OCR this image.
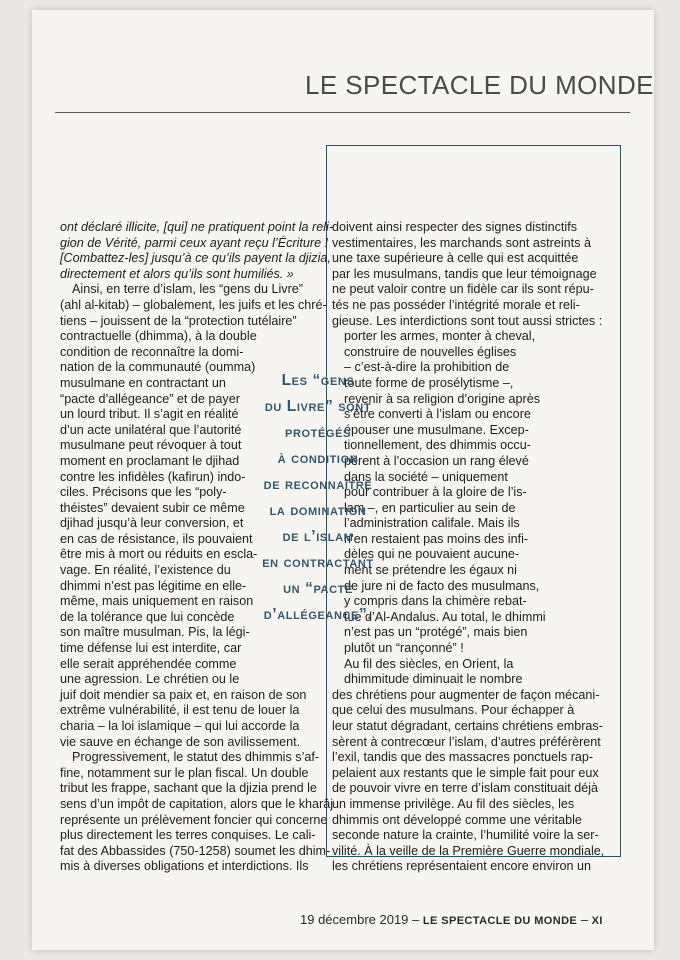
LE SPECTACLE DU MONDE
ont déclaré illicite, [qui] ne pratiquent point la reli-
gion de Vérité, parmi ceux ayant reçu l’Écriture !
[Combattez-les] jusqu’à ce qu’ils payent la djizia,
directement et alors qu’ils sont humiliés. »
Ainsi, en terre d’islam, les “gens du Livre”
(ahl al-kitab) – globalement, les juifs et les chré-
tiens – jouissent de la “protection tutélaire”
contractuelle (dhimma), à la double
condition de reconnaître la domi-
nation de la communauté (oumma)
musulmane en contractant un
“pacte d’allégeance” et de payer
un lourd tribut. Il s’agit en réalité
d’un acte unilatéral que l’autorité
musulmane peut révoquer à tout
moment en proclamant le djihad
contre les infidèles (kafirun) indo-
ciles. Précisons que les “poly-
théistes” devaient subir ce même
djihad jusqu’à leur conversion, et
en cas de résistance, ils pouvaient
être mis à mort ou réduits en escla-
vage. En réalité, l’existence du
dhimmi n’est pas légitime en elle-
même, mais uniquement en raison
de la tolérance que lui concède
son maître musulman. Pis, la légi-
time défense lui est interdite, car
elle serait appréhendée comme
une agression. Le chrétien ou le
juif doit mendier sa paix et, en raison de son
extrême vulnérabilité, il est tenu de louer la
charia – la loi islamique – qui lui accorde la
vie sauve en échange de son avilissement.
Progressivement, le statut des dhimmis s’af-
fine, notamment sur le plan fiscal. Un double
tribut les frappe, sachant que la djizia prend le
sens d’un impôt de capitation, alors que le kharâj
représente un prélèvement foncier qui concerne
plus directement les terres conquises. Le cali-
fat des Abbassides (750-1258) soumet les dhim-
mis à diverses obligations et interdictions. Ils
doivent ainsi respecter des signes distinctifs
vestimentaires, les marchands sont astreints à
une taxe supérieure à celle qui est acquittée
par les musulmans, tandis que leur témoignage
ne peut valoir contre un fidèle car ils sont répu-
tés ne pas posséder l’intégrité morale et reli-
gieuse. Les interdictions sont tout aussi strictes :
porter les armes, monter à cheval,
construire de nouvelles églises
– c’est-à-dire la prohibition de
toute forme de prosélytisme –,
revenir à sa religion d’origine après
s’être converti à l’islam ou encore
épouser une musulmane. Excep-
tionnellement, des dhimmis occu-
pèrent à l’occasion un rang élevé
dans la société – uniquement
pour contribuer à la gloire de l’is-
lam –, en particulier au sein de
l’administration califale. Mais ils
n’en restaient pas moins des infi-
dèles qui ne pouvaient aucune-
ment se prétendre les égaux ni
de jure ni de facto des musulmans,
y compris dans la chimère rebat-
tue d’Al-Andalus. Au total, le dhimmi
n’est pas un “protégé”, mais bien
plutôt un “rançonné” !
Au fil des siècles, en Orient, la
dhimmitude diminuait le nombre
des chrétiens pour augmenter de façon mécani-
que celui des musulmans. Pour échapper à
leur statut dégradant, certains chrétiens embras-
sèrent à contrecœur l’islam, d’autres préférèrent
l’exil, tandis que des massacres ponctuels rap-
pelaient aux restants que le simple fait pour eux
de pouvoir vivre en terre d’islam constituait déjà
un immense privilège. Au fil des siècles, les
dhimmis ont développé comme une véritable
seconde nature la crainte, l’humilité voire la ser-
vilité. À la veille de la Première Guerre mondiale,
les chrétiens représentaient encore environ un
Les “gens
du Livre” sont
protégés
à condition
de reconnaître
la domination
de l’islam
en contractant
un “pacte
d’allégeance”.
19 décembre 2019 – LE SPECTACLE DU MONDE – XI
